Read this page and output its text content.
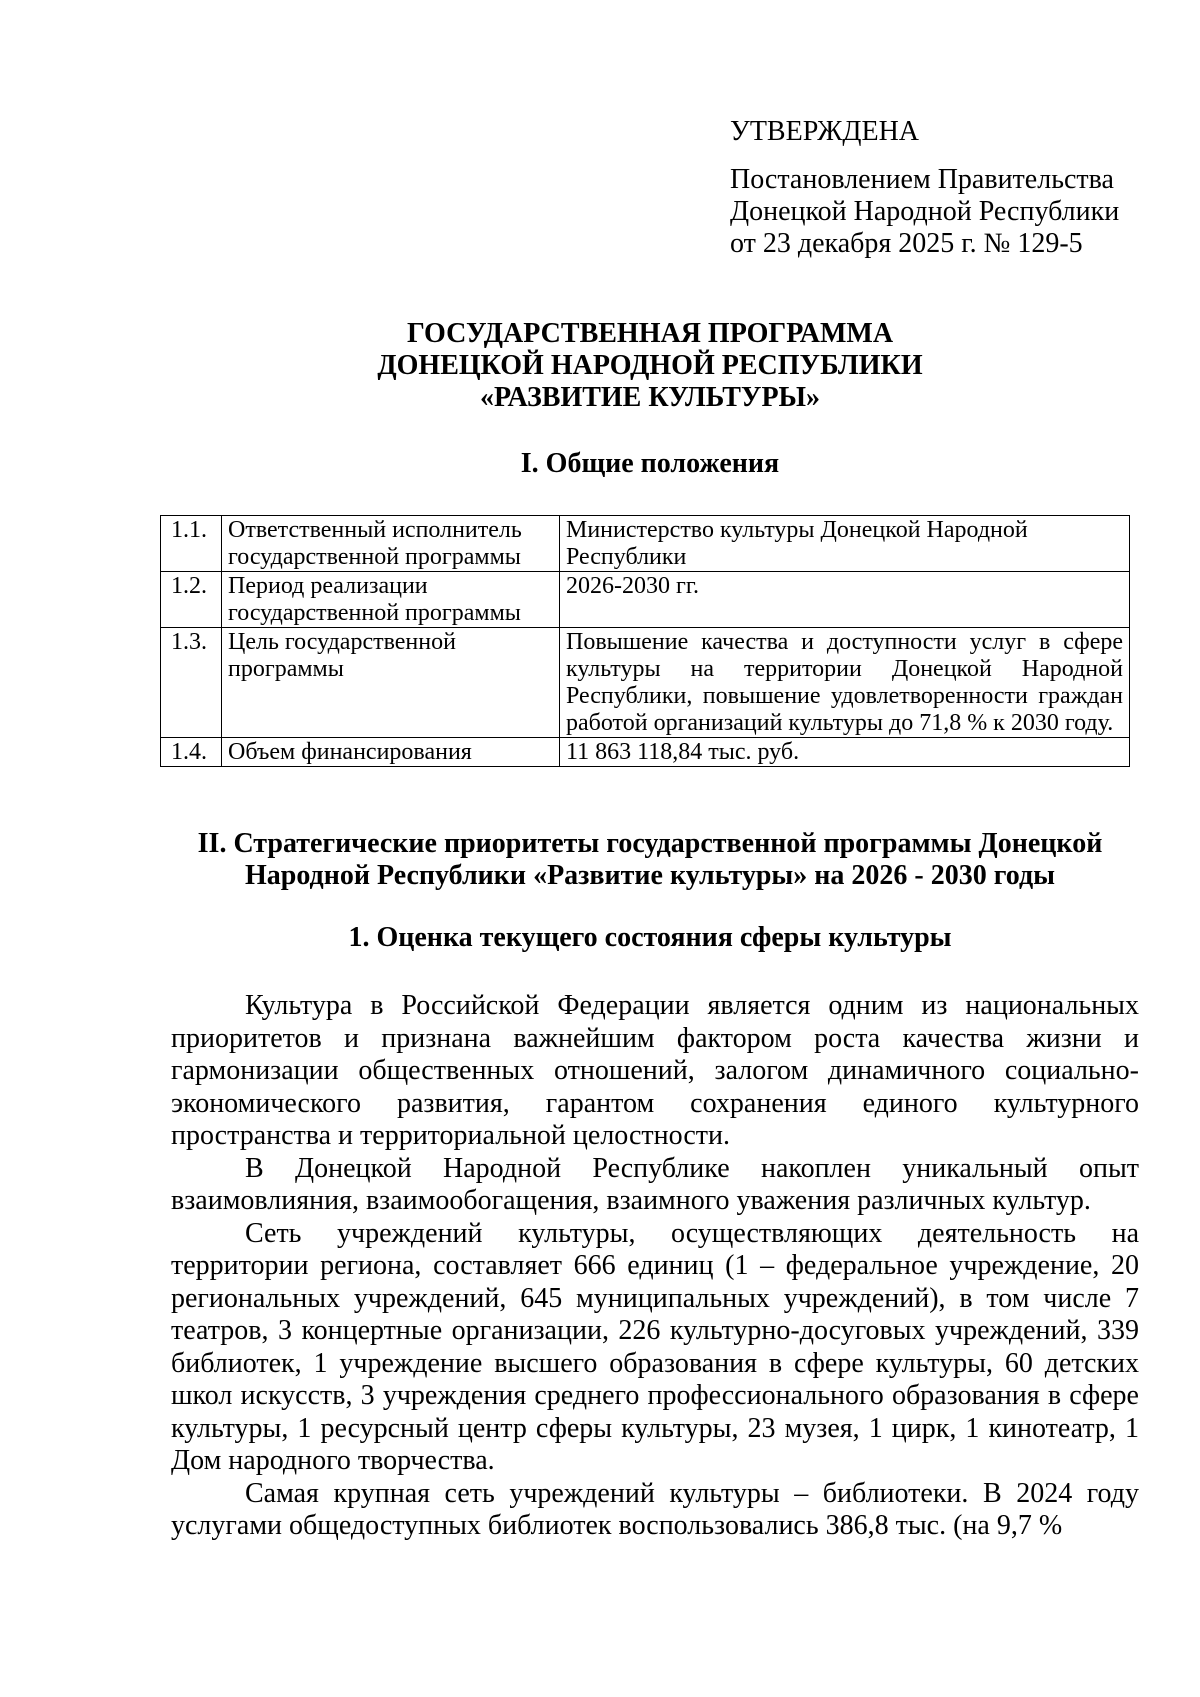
УТВЕРЖДЕНА
Постановлением Правительства
Донецкой Народной Республики
от 23 декабря 2025 г. № 129-5
ГОСУДАРСТВЕННАЯ ПРОГРАММА
ДОНЕЦКОЙ НАРОДНОЙ РЕСПУБЛИКИ
«РАЗВИТИЕ КУЛЬТУРЫ»
I. Общие положения
1.1.	Ответственный исполнитель государственной программы	Министерство культуры Донецкой Народной Республики
1.2.	Период реализации государственной программы	2026-2030 гг.
1.3.	Цель государственной программы	Повышение качества и доступности услуг в сфере культуры на территории Донецкой Народной Республики, повышение удовлетворенности граждан работой организаций культуры до 71,8 % к 2030 году.
1.4.	Объем финансирования	11 863 118,84 тыс. руб.
II. Стратегические приоритеты государственной программы Донецкой
Народной Республики «Развитие культуры» на 2026 - 2030 годы
1. Оценка текущего состояния сферы культуры

Культура в Российской Федерации является одним из национальных приоритетов и признана важнейшим фактором роста качества жизни и гармонизации общественных отношений, залогом динамичного социально-экономического развития, гарантом сохранения единого культурного пространства и территориальной целостности.

В Донецкой Народной Республике накоплен уникальный опыт взаимовлияния, взаимообогащения, взаимного уважения различных культур.

Сеть учреждений культуры, осуществляющих деятельность на территории региона, составляет 666 единиц (1 – федеральное учреждение, 20 региональных учреждений, 645 муниципальных учреждений), в том числе 7 театров, 3 концертные организации, 226 культурно-досуговых учреждений, 339 библиотек, 1 учреждение высшего образования в сфере культуры, 60 детских школ искусств, 3 учреждения среднего профессионального образования в сфере культуры, 1 ресурсный центр сферы культуры, 23 музея, 1 цирк, 1 кинотеатр, 1 Дом народного творчества.

Самая крупная сеть учреждений культуры – библиотеки. В 2024 году услугами общедоступных библиотек воспользовались 386,8 тыс. (на 9,7 %
